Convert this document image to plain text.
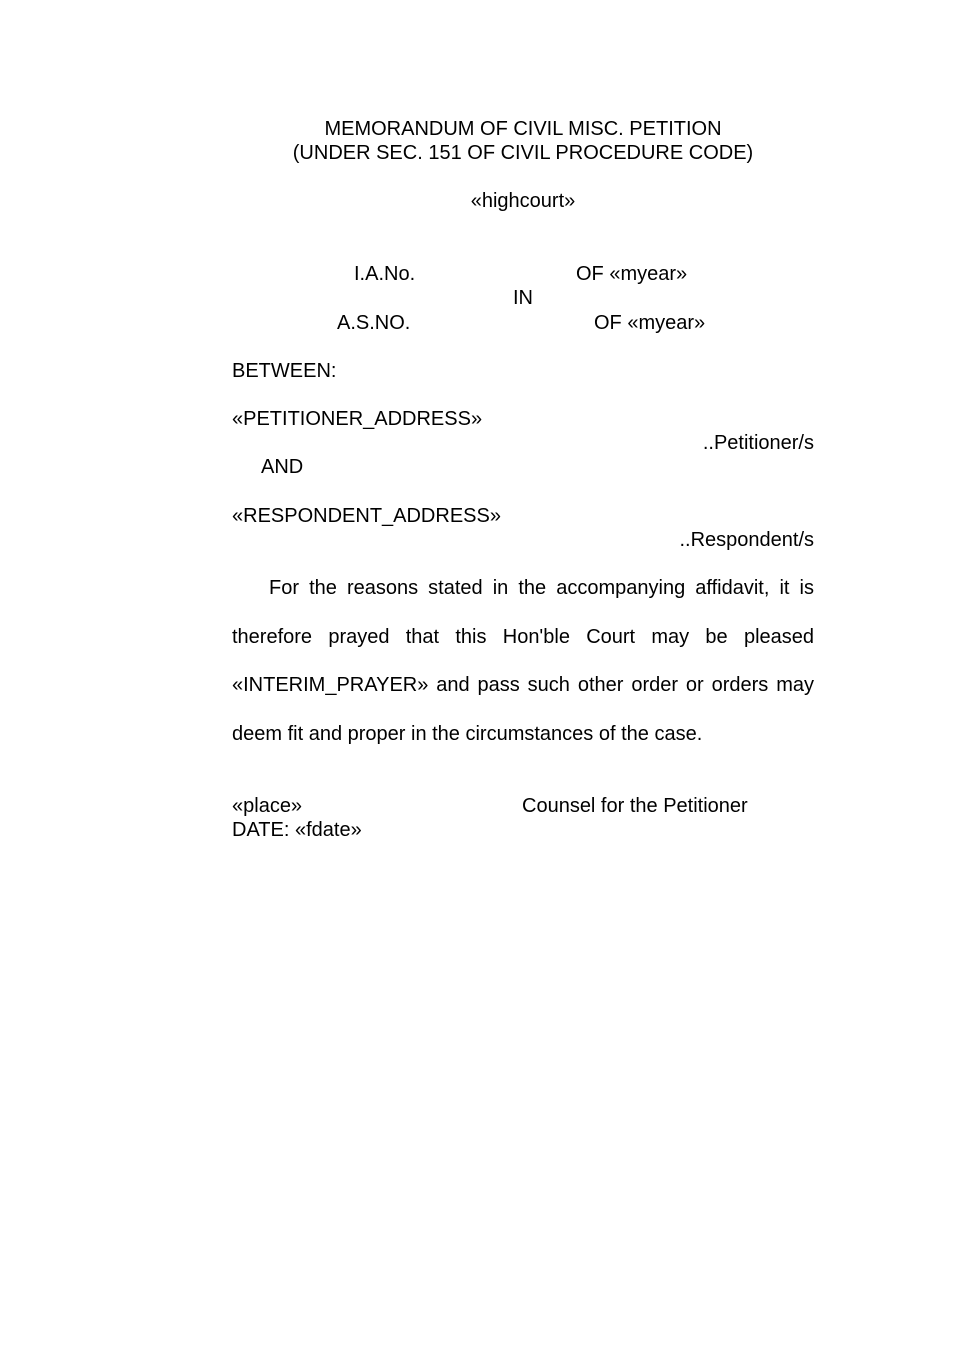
MEMORANDUM OF CIVIL MISC. PETITION
(UNDER SEC. 151 OF CIVIL PROCEDURE CODE)
«highcourt»
I.A.No.	OF «myear»
IN
A.S.NO.	OF «myear»
BETWEEN:
«PETITIONER_ADDRESS»
..Petitioner/s
AND
«RESPONDENT_ADDRESS»
..Respondent/s
For the reasons stated in the accompanying affidavit, it is therefore prayed that this Hon'ble Court may be pleased «INTERIM_PRAYER» and pass such other order or orders may deem fit and proper in the circumstances of the case.
«place»	Counsel for the Petitioner
DATE: «fdate»
